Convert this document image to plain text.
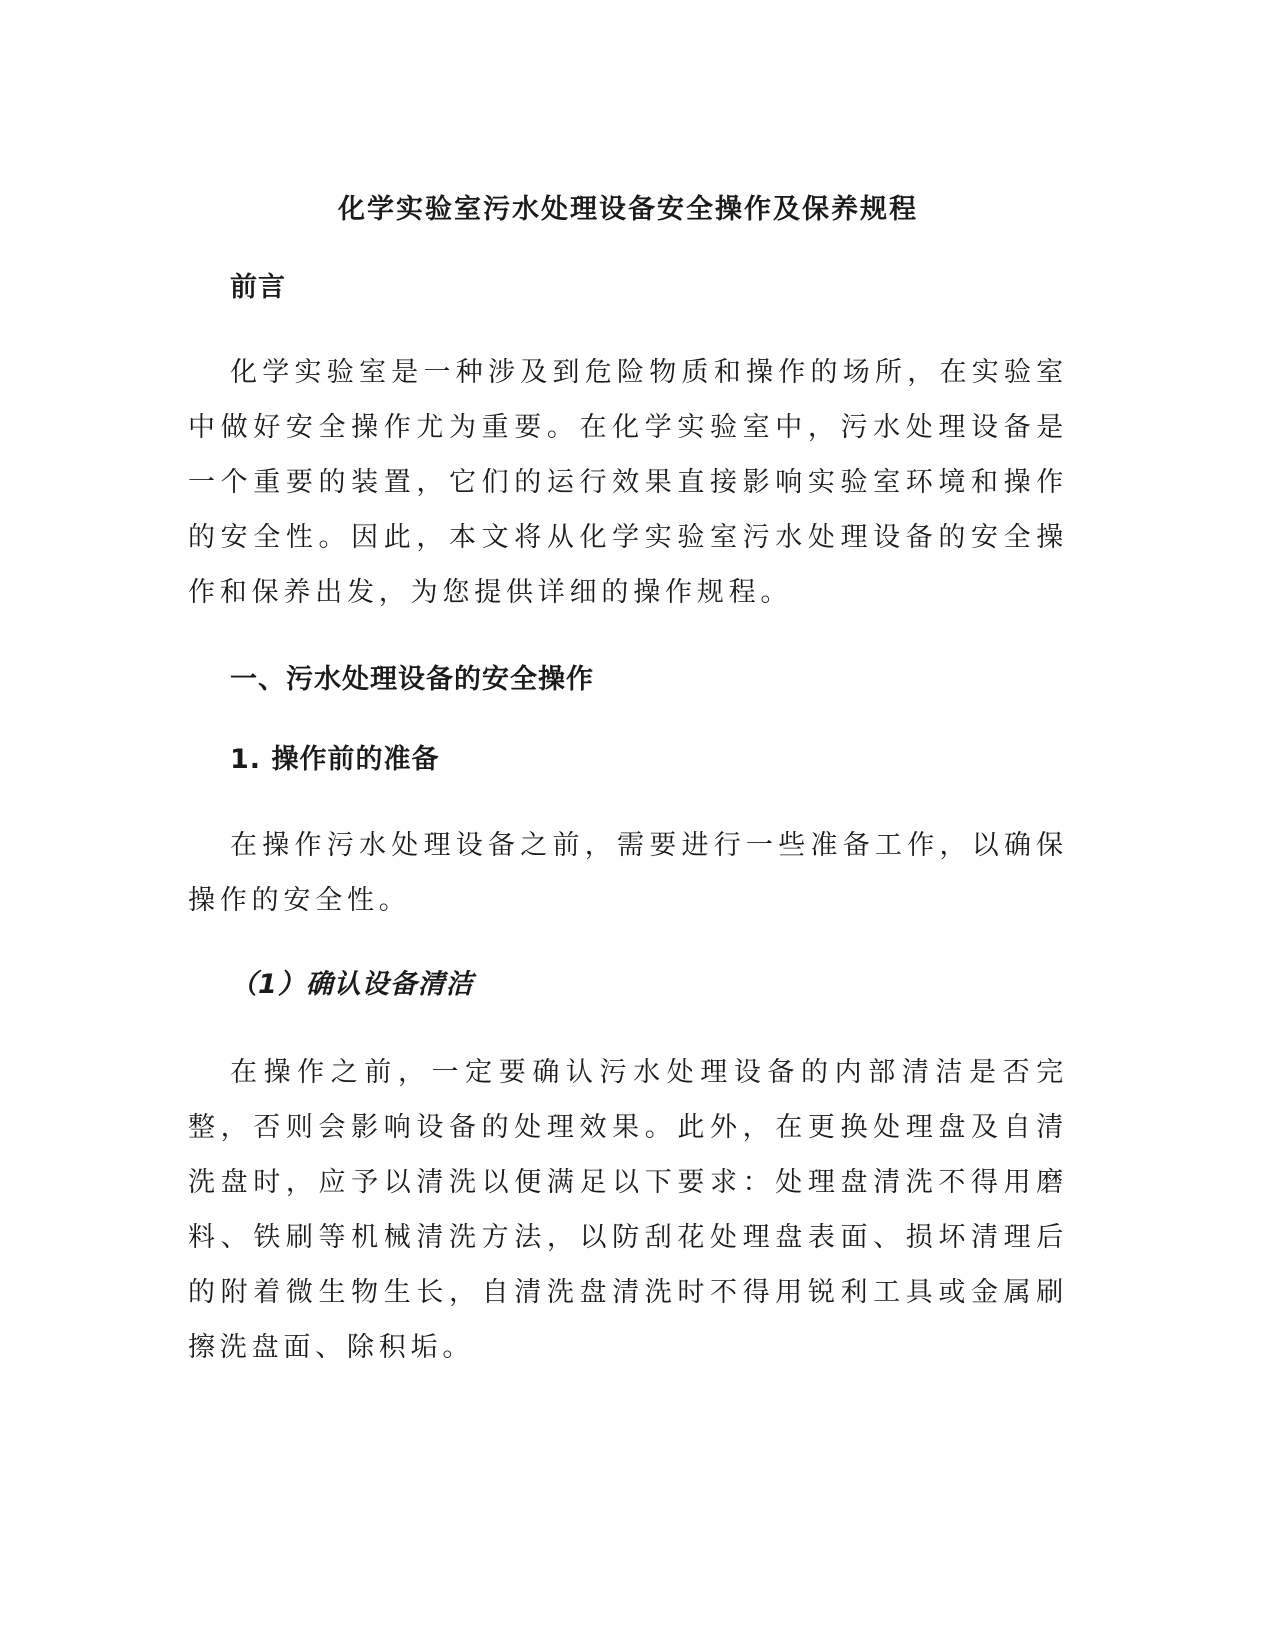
化学实验室污水处理设备安全操作及保养规程
前言

化学实验室是一种涉及到危险物质和操作的场所，在实验室中做好安全操作尤为重要。在化学实验室中，污水处理设备是一个重要的装置，它们的运行效果直接影响实验室环境和操作的安全性。因此，本文将从化学实验室污水处理设备的安全操作和保养出发，为您提供详细的操作规程。

一、污水处理设备的安全操作
1. 操作前的准备

在操作污水处理设备之前，需要进行一些准备工作，以确保操作的安全性。

（1）确认设备清洁

在操作之前，一定要确认污水处理设备的内部清洁是否完整，否则会影响设备的处理效果。此外，在更换处理盘及自清洗盘时，应予以清洗以便满足以下要求：处理盘清洗不得用磨料、铁刷等机械清洗方法，以防刮花处理盘表面、损坏清理后的附着微生物生长，自清洗盘清洗时不得用锐利工具或金属刷擦洗盘面、除积垢。
